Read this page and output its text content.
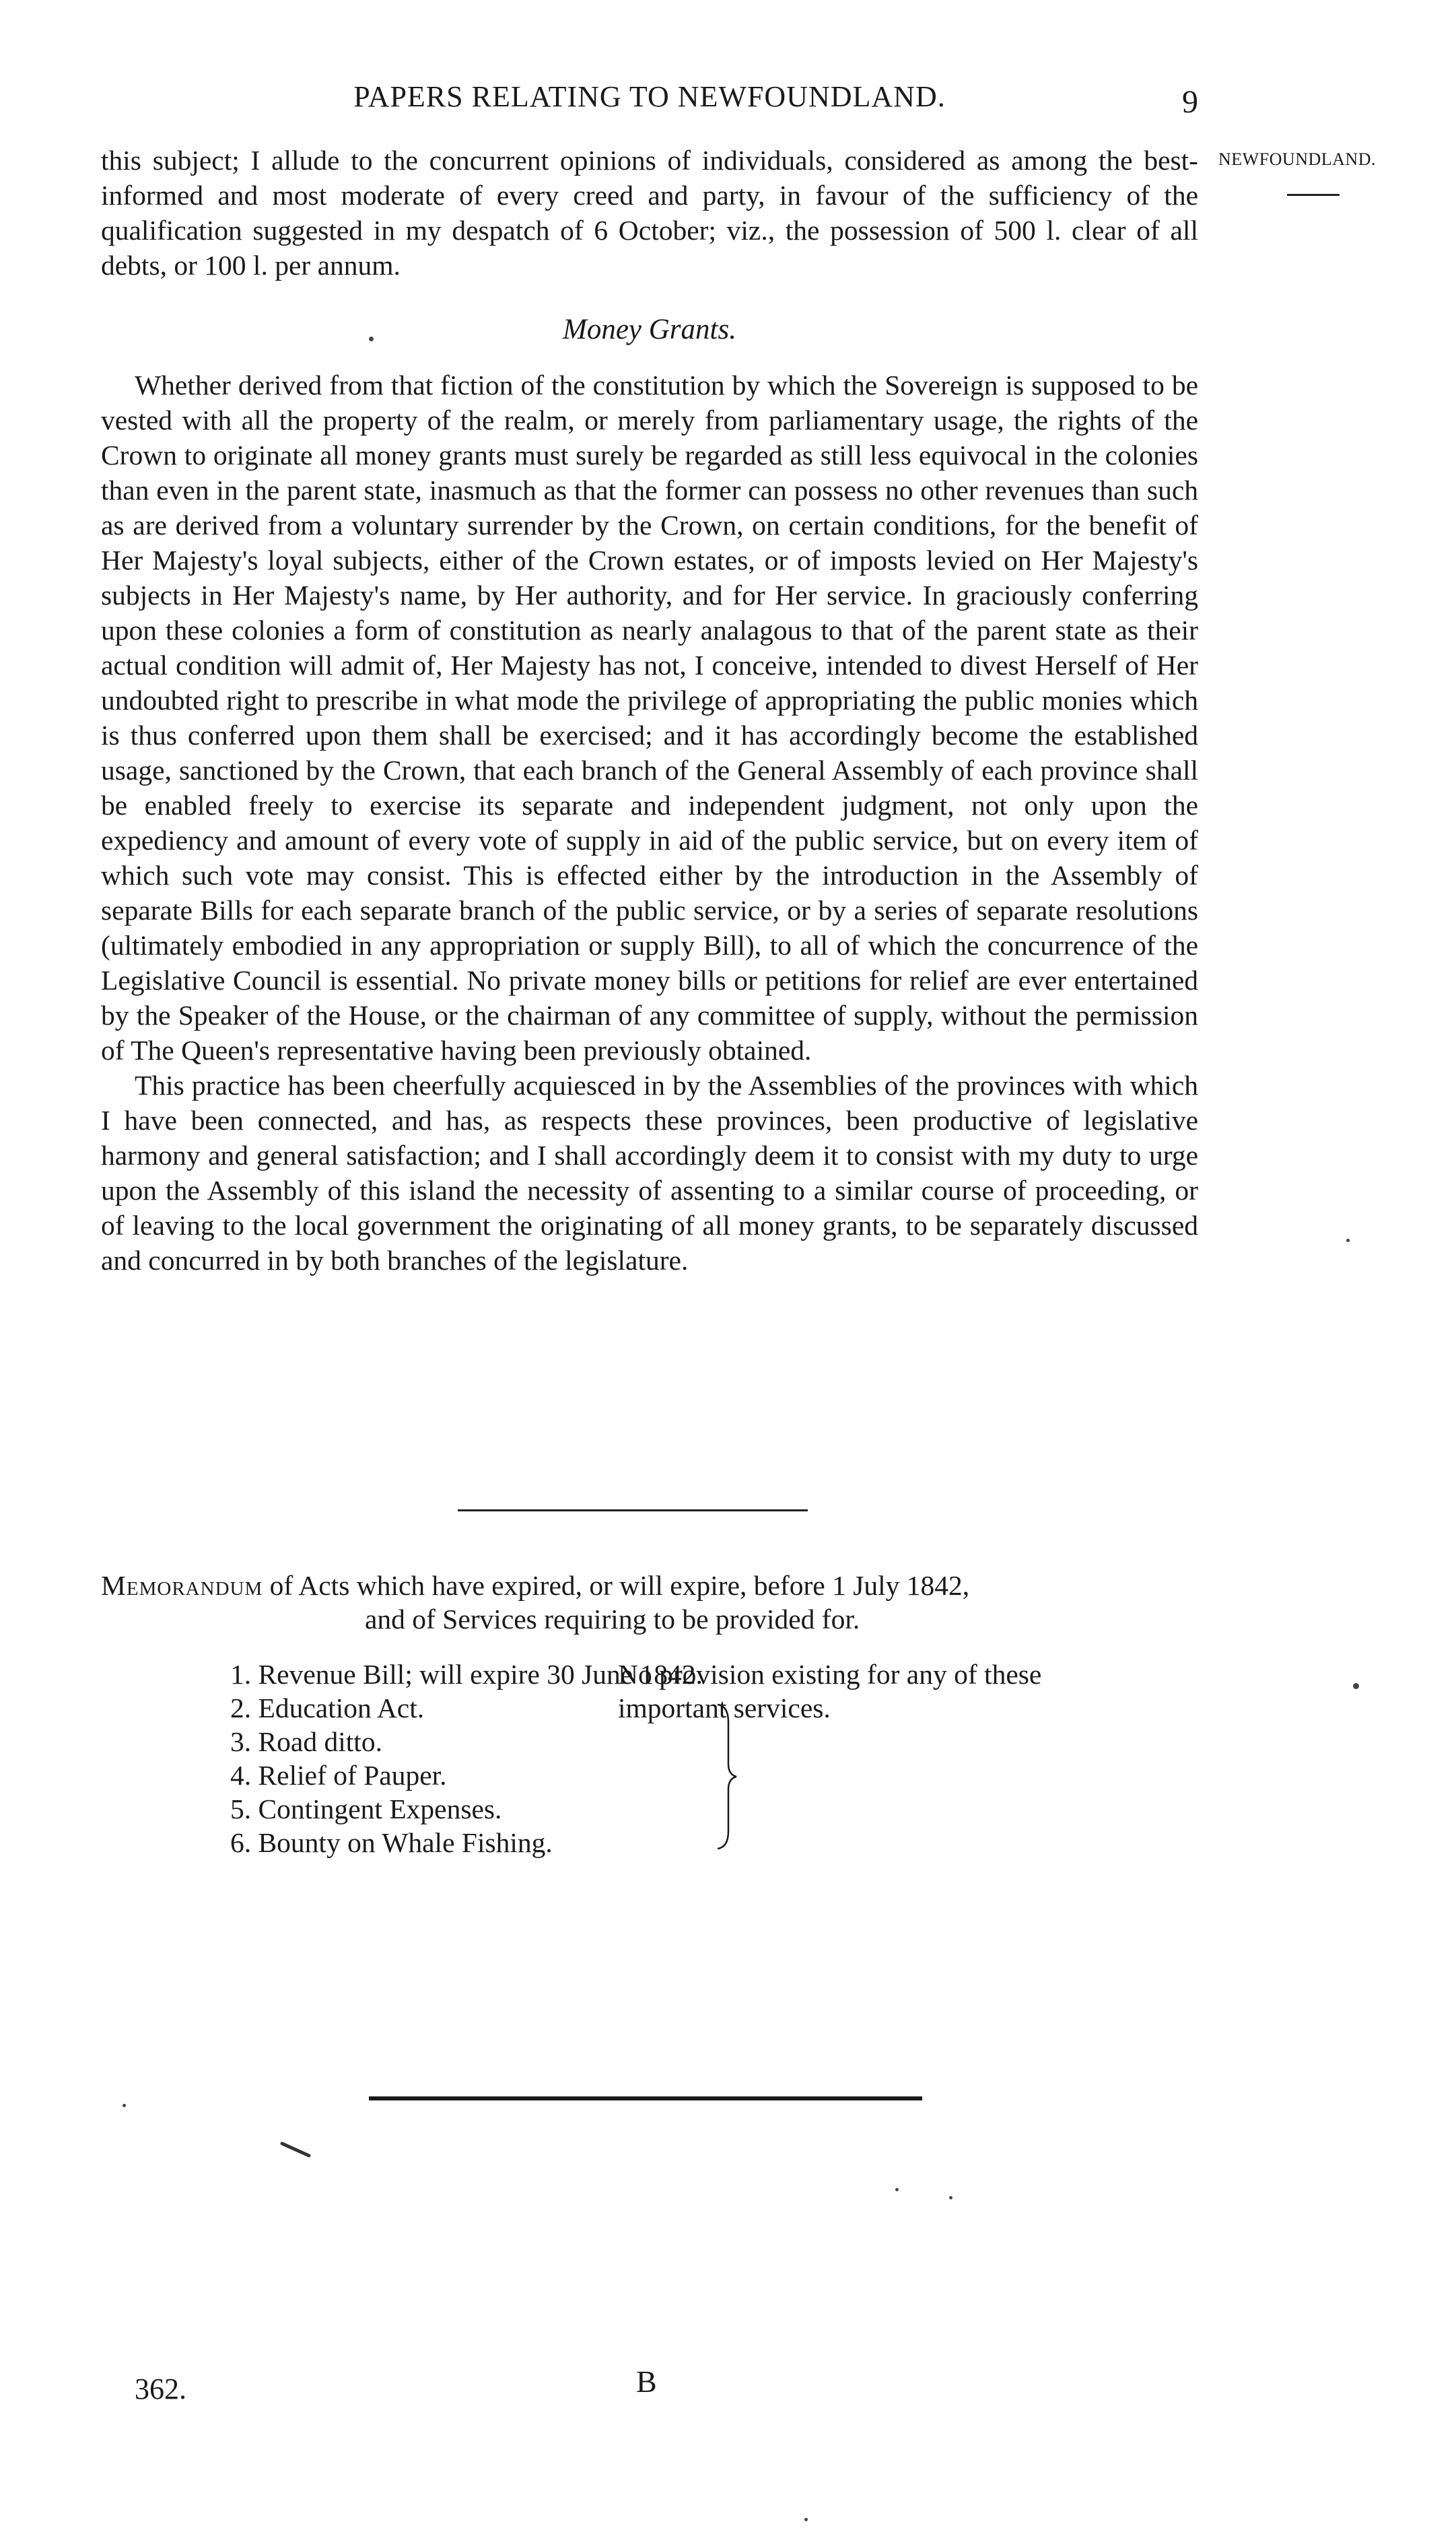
PAPERS RELATING TO NEWFOUNDLAND.	9
NEWFOUNDLAND.

this subject; I allude to the concurrent opinions of individuals, considered as among the best-informed and most moderate of every creed and party, in favour of the sufficiency of the qualification suggested in my despatch of 6 October; viz., the possession of 500 l. clear of all debts, or 100 l. per annum.

Money Grants.

Whether derived from that fiction of the constitution by which the Sovereign is supposed to be vested with all the property of the realm, or merely from parliamentary usage, the rights of the Crown to originate all money grants must surely be regarded as still less equivocal in the colonies than even in the parent state, inasmuch as that the former can possess no other revenues than such as are derived from a voluntary surrender by the Crown, on certain conditions, for the benefit of Her Majesty's loyal subjects, either of the Crown estates, or of imposts levied on Her Majesty's subjects in Her Majesty's name, by Her authority, and for Her service. In graciously conferring upon these colonies a form of constitution as nearly analagous to that of the parent state as their actual condition will admit of, Her Majesty has not, I conceive, intended to divest Herself of Her undoubted right to prescribe in what mode the privilege of appropriating the public monies which is thus conferred upon them shall be exercised; and it has accordingly become the established usage, sanctioned by the Crown, that each branch of the General Assembly of each province shall be enabled freely to exercise its separate and independent judgment, not only upon the expediency and amount of every vote of supply in aid of the public service, but on every item of which such vote may consist. This is effected either by the introduction in the Assembly of separate Bills for each separate branch of the public service, or by a series of separate resolutions (ultimately embodied in any appropriation or supply Bill), to all of which the concurrence of the Legislative Council is essential. No private money bills or petitions for relief are ever entertained by the Speaker of the House, or the chairman of any committee of supply, without the permission of The Queen's representative having been previously obtained.

This practice has been cheerfully acquiesced in by the Assemblies of the provinces with which I have been connected, and has, as respects these provinces, been productive of legislative harmony and general satisfaction; and I shall accordingly deem it to consist with my duty to urge upon the Assembly of this island the necessity of assenting to a similar course of proceeding, or of leaving to the local government the originating of all money grants, to be separately discussed and concurred in by both branches of the legislature.

Memorandum of Acts which have expired, or will expire, before 1 July 1842,
and of Services requiring to be provided for.
1. Revenue Bill; will expire 30 June 1842.
2. Education Act.
3. Road ditto.
4. Relief of Pauper.
5. Contingent Expenses.
6. Bounty on Whale Fishing.
No provision existing for any of these important services.
362.	B
